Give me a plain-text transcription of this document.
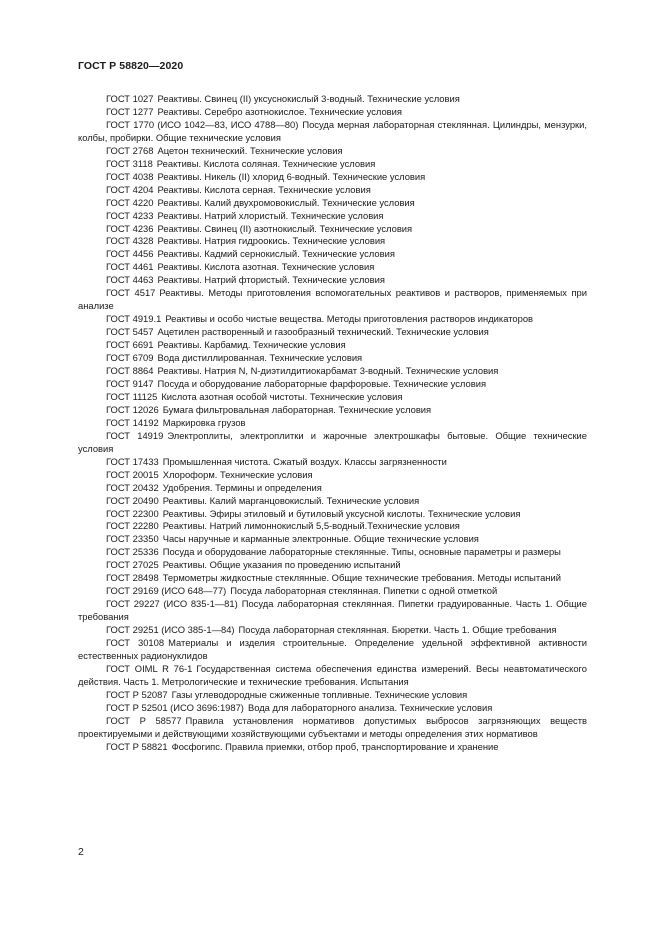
ГОСТ Р 58820—2020

ГОСТ 1027 Реактивы. Свинец (II) уксуснокислый 3-водный. Технические условия

ГОСТ 1277 Реактивы. Серебро азотнокислое. Технические условия

ГОСТ 1770 (ИСО 1042—83, ИСО 4788—80) Посуда мерная лабораторная стеклянная. Цилиндры, мензурки, колбы, пробирки. Общие технические условия

ГОСТ 2768 Ацетон технический. Технические условия

ГОСТ 3118 Реактивы. Кислота соляная. Технические условия

ГОСТ 4038 Реактивы. Никель (II) хлорид 6-водный. Технические условия

ГОСТ 4204 Реактивы. Кислота серная. Технические условия

ГОСТ 4220 Реактивы. Калий двухромовокислый. Технические условия

ГОСТ 4233 Реактивы. Натрий хлористый. Технические условия

ГОСТ 4236 Реактивы. Свинец (II) азотнокислый. Технические условия

ГОСТ 4328 Реактивы. Натрия гидроокись. Технические условия

ГОСТ 4456 Реактивы. Кадмий сернокислый. Технические условия

ГОСТ 4461 Реактивы. Кислота азотная. Технические условия

ГОСТ 4463 Реактивы. Натрий фтористый. Технические условия

ГОСТ 4517 Реактивы. Методы приготовления вспомогательных реактивов и растворов, применяемых при анализе

ГОСТ 4919.1 Реактивы и особо чистые вещества. Методы приготовления растворов индикаторов

ГОСТ 5457 Ацетилен растворенный и газообразный технический. Технические условия

ГОСТ 6691 Реактивы. Карбамид. Технические условия

ГОСТ 6709 Вода дистиллированная. Технические условия

ГОСТ 8864 Реактивы. Натрия N, N-диэтилдитиокарбамат 3-водный. Технические условия

ГОСТ 9147 Посуда и оборудование лабораторные фарфоровые. Технические условия

ГОСТ 11125 Кислота азотная особой чистоты. Технические условия

ГОСТ 12026 Бумага фильтровальная лабораторная. Технические условия

ГОСТ 14192 Маркировка грузов

ГОСТ 14919 Электроплиты, электроплитки и жарочные электрошкафы бытовые. Общие технические условия

ГОСТ 17433 Промышленная чистота. Сжатый воздух. Классы загрязненности

ГОСТ 20015 Хлороформ. Технические условия

ГОСТ 20432 Удобрения. Термины и определения

ГОСТ 20490 Реактивы. Калий марганцовокислый. Технические условия

ГОСТ 22300 Реактивы. Эфиры этиловый и бутиловый уксусной кислоты. Технические условия

ГОСТ 22280 Реактивы. Натрий лимоннокислый 5,5-водный.Технические условия

ГОСТ 23350 Часы наручные и карманные электронные. Общие технические условия

ГОСТ 25336 Посуда и оборудование лабораторные стеклянные. Типы, основные параметры и размеры

ГОСТ 27025 Реактивы. Общие указания по проведению испытаний

ГОСТ 28498 Термометры жидкостные стеклянные. Общие технические требования. Методы испытаний

ГОСТ 29169 (ИСО 648—77) Посуда лабораторная стеклянная. Пипетки с одной отметкой

ГОСТ 29227 (ИСО 835-1—81) Посуда лабораторная стеклянная. Пипетки градуированные. Часть 1. Общие требования

ГОСТ 29251 (ИСО 385-1—84) Посуда лабораторная стеклянная. Бюретки. Часть 1. Общие требования

ГОСТ 30108 Материалы и изделия строительные. Определение удельной эффективной активности естественных радионуклидов

ГОСТ OIML R 76-1 Государственная система обеспечения единства измерений. Весы неавтоматического действия. Часть 1. Метрологические и технические требования. Испытания

ГОСТ Р 52087 Газы углеводородные сжиженные топливные. Технические условия

ГОСТ Р 52501 (ИСО 3696:1987) Вода для лабораторного анализа. Технические условия

ГОСТ Р 58577 Правила установления нормативов допустимых выбросов загрязняющих веществ проектируемыми и действующими хозяйствующими субъектами и методы определения этих нормативов

ГОСТ Р 58821 Фосфогипс. Правила приемки, отбор проб, транспортирование и хранение

2
